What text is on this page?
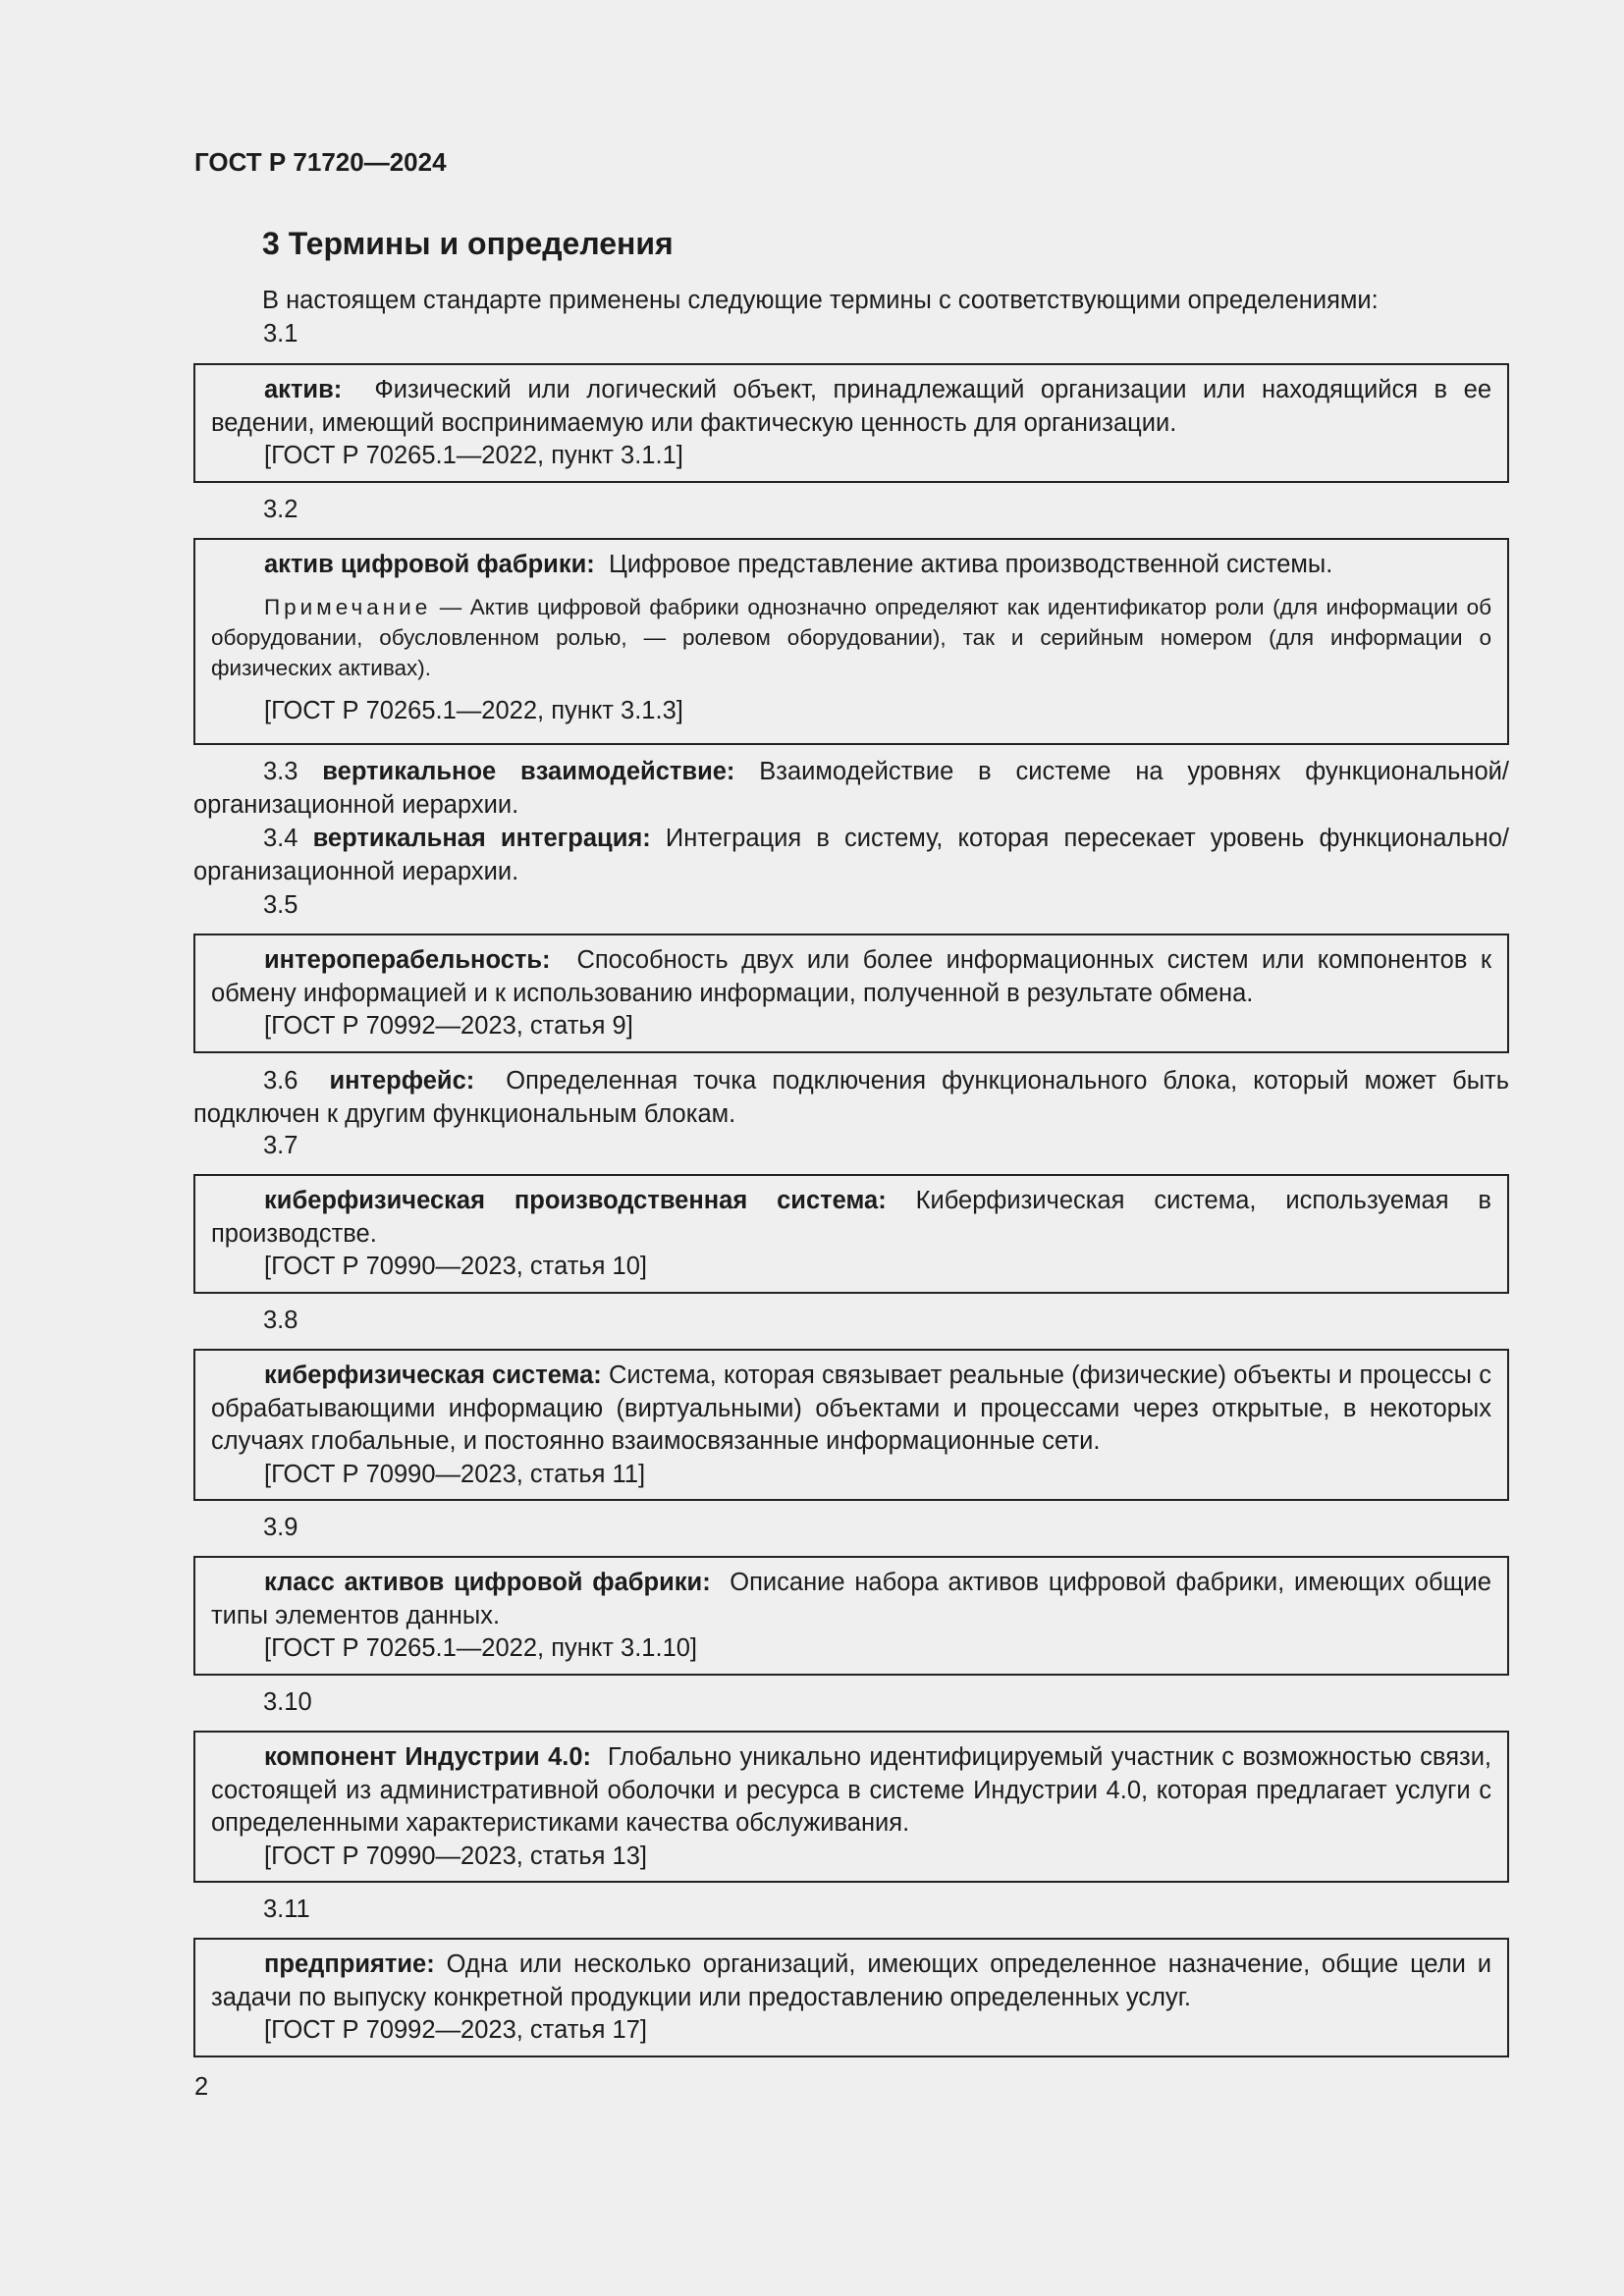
ГОСТ Р 71720—2024
3 Термины и определения
В настоящем стандарте применены следующие термины с соответствующими определениями:
3.1

актив: Физический или логический объект, принадлежащий организации или находящийся в ее ведении, имеющий воспринимаемую или фактическую ценность для организации.

[ГОСТ Р 70265.1—2022, пункт 3.1.1]

3.2

актив цифровой фабрики: Цифровое представление актива производственной системы.

Примечание — Актив цифровой фабрики однозначно определяют как идентификатор роли (для информации об оборудовании, обусловленном ролью, — ролевом оборудовании), так и серийным номером (для информации о физических активах).

[ГОСТ Р 70265.1—2022, пункт 3.1.3]

3.3 вертикальное взаимодействие: Взаимодействие в системе на уровнях функциональной/организационной иерархии.

3.4 вертикальная интеграция: Интеграция в систему, которая пересекает уровень функционально/организационной иерархии.

3.5

интероперабельность: Способность двух или более информационных систем или компонентов к обмену информацией и к использованию информации, полученной в результате обмена.

[ГОСТ Р 70992—2023, статья 9]

3.6 интерфейс: Определенная точка подключения функционального блока, который может быть подключен к другим функциональным блокам.

3.7

киберфизическая производственная система: Киберфизическая система, используемая в производстве.

[ГОСТ Р 70990—2023, статья 10]

3.8

киберфизическая система: Система, которая связывает реальные (физические) объекты и процессы с обрабатывающими информацию (виртуальными) объектами и процессами через открытые, в некоторых случаях глобальные, и постоянно взаимосвязанные информационные сети.

[ГОСТ Р 70990—2023, статья 11]

3.9

класс активов цифровой фабрики: Описание набора активов цифровой фабрики, имеющих общие типы элементов данных.

[ГОСТ Р 70265.1—2022, пункт 3.1.10]

3.10

компонент Индустрии 4.0: Глобально уникально идентифицируемый участник с возможностью связи, состоящей из административной оболочки и ресурса в системе Индустрии 4.0, которая предлагает услуги с определенными характеристиками качества обслуживания.

[ГОСТ Р 70990—2023, статья 13]

3.11

предприятие: Одна или несколько организаций, имеющих определенное назначение, общие цели и задачи по выпуску конкретной продукции или предоставлению определенных услуг.

[ГОСТ Р 70992—2023, статья 17]

2
